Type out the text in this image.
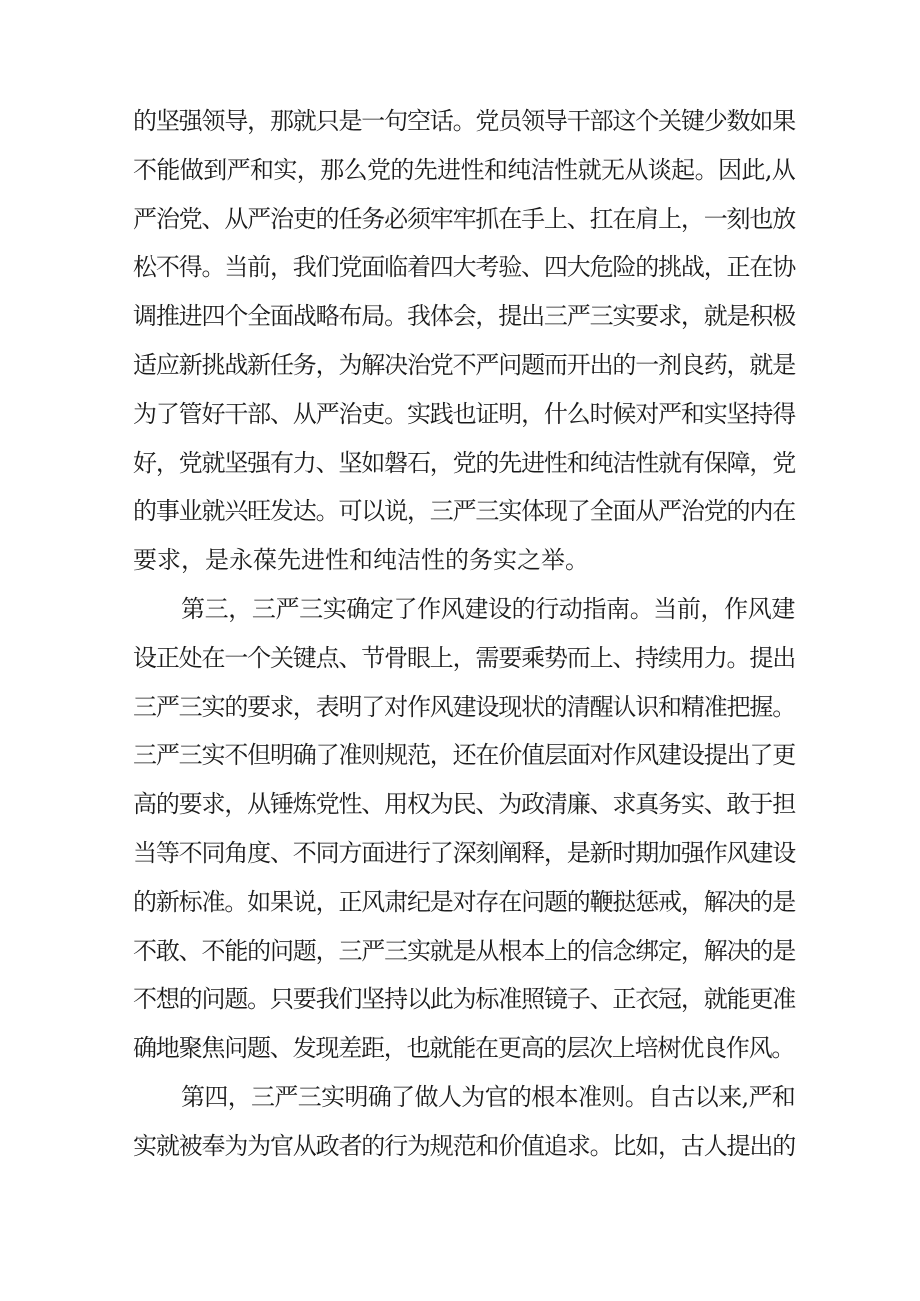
的坚强领导，那就只是一句空话。党员领导干部这个关键少数如果
不能做到严和实，那么党的先进性和纯洁性就无从谈起。因此,从
严治党、从严治吏的任务必须牢牢抓在手上、扛在肩上，一刻也放
松不得。当前，我们党面临着四大考验、四大危险的挑战，正在协
调推进四个全面战略布局。我体会，提出三严三实要求，就是积极
适应新挑战新任务，为解决治党不严问题而开出的一剂良药，就是
为了管好干部、从严治吏。实践也证明，什么时候对严和实坚持得
好，党就坚强有力、坚如磐石，党的先进性和纯洁性就有保障，党
的事业就兴旺发达。可以说，三严三实体现了全面从严治党的内在
要求，是永葆先进性和纯洁性的务实之举。
第三，三严三实确定了作风建设的行动指南。当前，作风建
设正处在一个关键点、节骨眼上，需要乘势而上、持续用力。提出
三严三实的要求，表明了对作风建设现状的清醒认识和精准把握。
三严三实不但明确了准则规范，还在价值层面对作风建设提出了更
高的要求，从锤炼党性、用权为民、为政清廉、求真务实、敢于担
当等不同角度、不同方面进行了深刻阐释，是新时期加强作风建设
的新标准。如果说，正风肃纪是对存在问题的鞭挞惩戒，解决的是
不敢、不能的问题，三严三实就是从根本上的信念绑定，解决的是
不想的问题。只要我们坚持以此为标准照镜子、正衣冠，就能更准
确地聚焦问题、发现差距，也就能在更高的层次上培树优良作风。
第四，三严三实明确了做人为官的根本准则。自古以来,严和
实就被奉为为官从政者的行为规范和价值追求。比如，古人提出的
